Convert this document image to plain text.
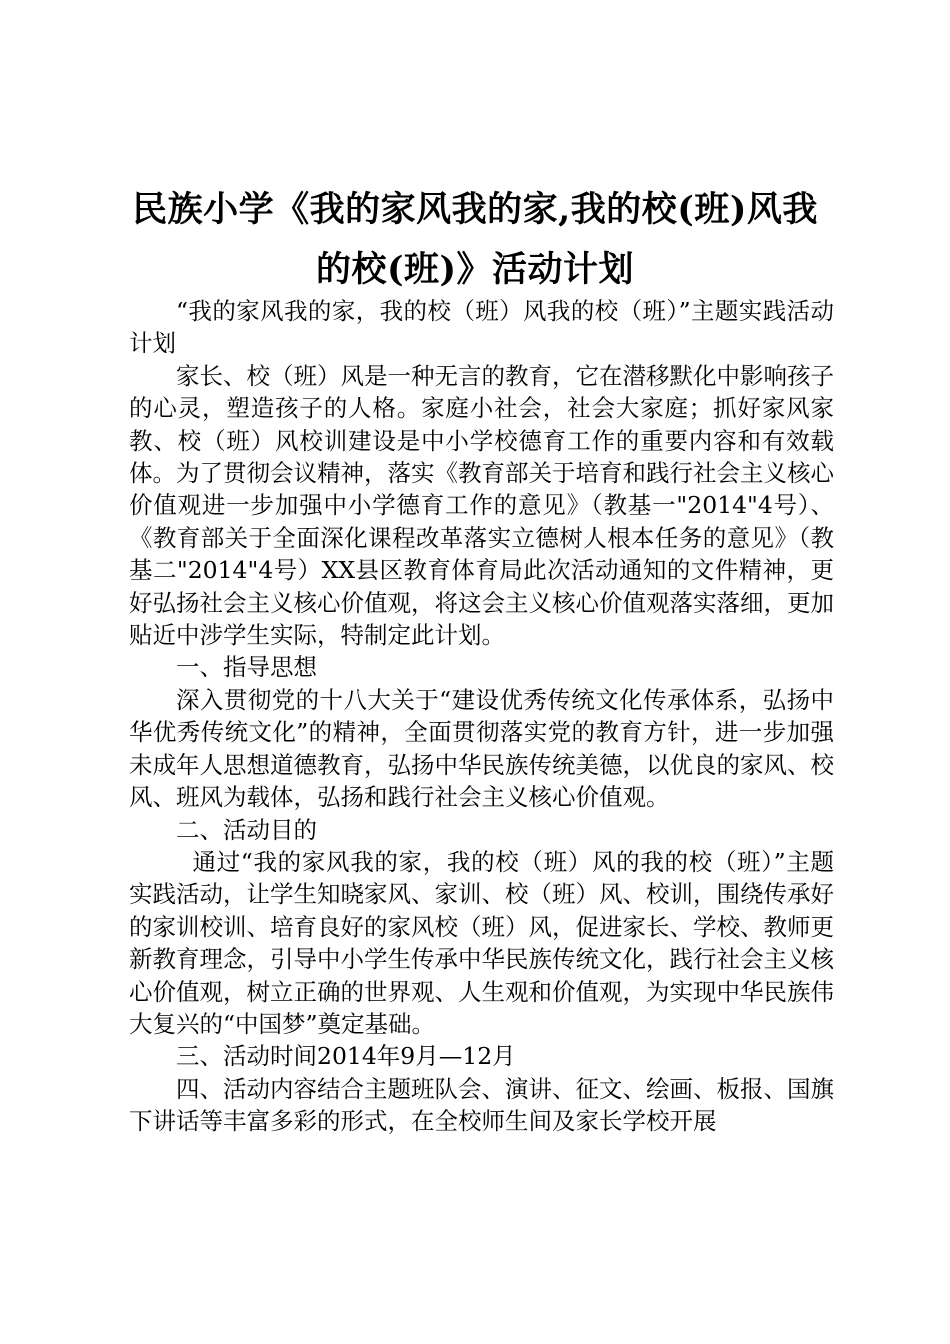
民族小学《我的家风我的家,我的校(班)风我
的校(班)》活动计划

“我的家风我的家，我的校（班）风我的校（班）”主题实践活动计划

家长、校（班）风是一种无言的教育，它在潜移默化中影响孩子的心灵，塑造孩子的人格。家庭小社会，社会大家庭；抓好家风家教、校（班）风校训建设是中小学校德育工作的重要内容和有效载体。为了贯彻会议精神，落实《教育部关于培育和践行社会主义核心价值观进一步加强中小学德育工作的意见》（教基一"2014"4号）、《教育部关于全面深化课程改革落实立德树人根本任务的意见》（教基二"2014"4号）XX县区教育体育局此次活动通知的文件精神，更好弘扬社会主义核心价值观，将这会主义核心价值观落实落细，更加贴近中涉学生实际，特制定此计划。

一、指导思想

深入贯彻党的十八大关于“建设优秀传统文化传承体系，弘扬中华优秀传统文化”的精神，全面贯彻落实党的教育方针，进一步加强未成年人思想道德教育，弘扬中华民族传统美德，以优良的家风、校风、班风为载体，弘扬和践行社会主义核心价值观。

二、活动目的

通过“我的家风我的家，我的校（班）风的我的校（班）”主题实践活动，让学生知晓家风、家训、校（班）风、校训，围绕传承好的家训校训、培育良好的家风校（班）风，促进家长、学校、教师更新教育理念，引导中小学生传承中华民族传统文化，践行社会主义核心价值观，树立正确的世界观、人生观和价值观，为实现中华民族伟大复兴的“中国梦”奠定基础。

三、活动时间2014年9月—12月

四、活动内容结合主题班队会、演讲、征文、绘画、板报、国旗下讲话等丰富多彩的形式，在全校师生间及家长学校开展
